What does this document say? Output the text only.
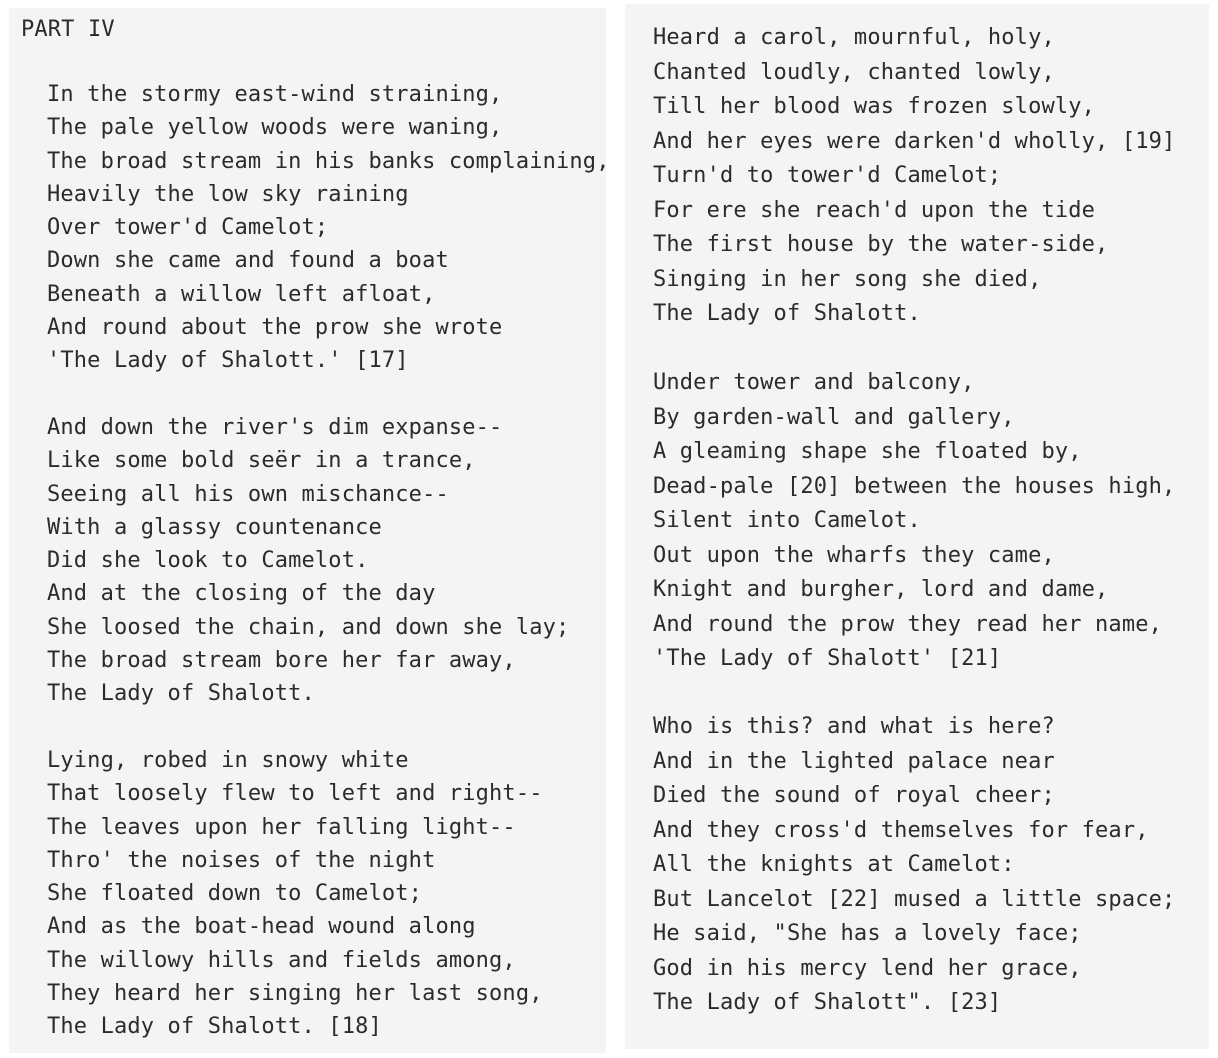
PART IV
In the stormy east-wind straining,
The pale yellow woods were waning,
The broad stream in his banks complaining,
Heavily the low sky raining
Over tower'd Camelot;
Down she came and found a boat
Beneath a willow left afloat,
And round about the prow she wrote
'The Lady of Shalott.' [17]
And down the river's dim expanse--
Like some bold seër in a trance,
Seeing all his own mischance--
With a glassy countenance
Did she look to Camelot.
And at the closing of the day
She loosed the chain, and down she lay;
The broad stream bore her far away,
The Lady of Shalott.
Lying, robed in snowy white
That loosely flew to left and right--
The leaves upon her falling light--
Thro' the noises of the night
She floated down to Camelot;
And as the boat-head wound along
The willowy hills and fields among,
They heard her singing her last song,
The Lady of Shalott. [18]
Heard a carol, mournful, holy,
Chanted loudly, chanted lowly,
Till her blood was frozen slowly,
And her eyes were darken'd wholly, [19]
Turn'd to tower'd Camelot;
For ere she reach'd upon the tide
The first house by the water-side,
Singing in her song she died,
The Lady of Shalott.
Under tower and balcony,
By garden-wall and gallery,
A gleaming shape she floated by,
Dead-pale [20] between the houses high,
Silent into Camelot.
Out upon the wharfs they came,
Knight and burgher, lord and dame,
And round the prow they read her name,
'The Lady of Shalott' [21]
Who is this? and what is here?
And in the lighted palace near
Died the sound of royal cheer;
And they cross'd themselves for fear,
All the knights at Camelot:
But Lancelot [22] mused a little space;
He said, "She has a lovely face;
God in his mercy lend her grace,
The Lady of Shalott". [23]
